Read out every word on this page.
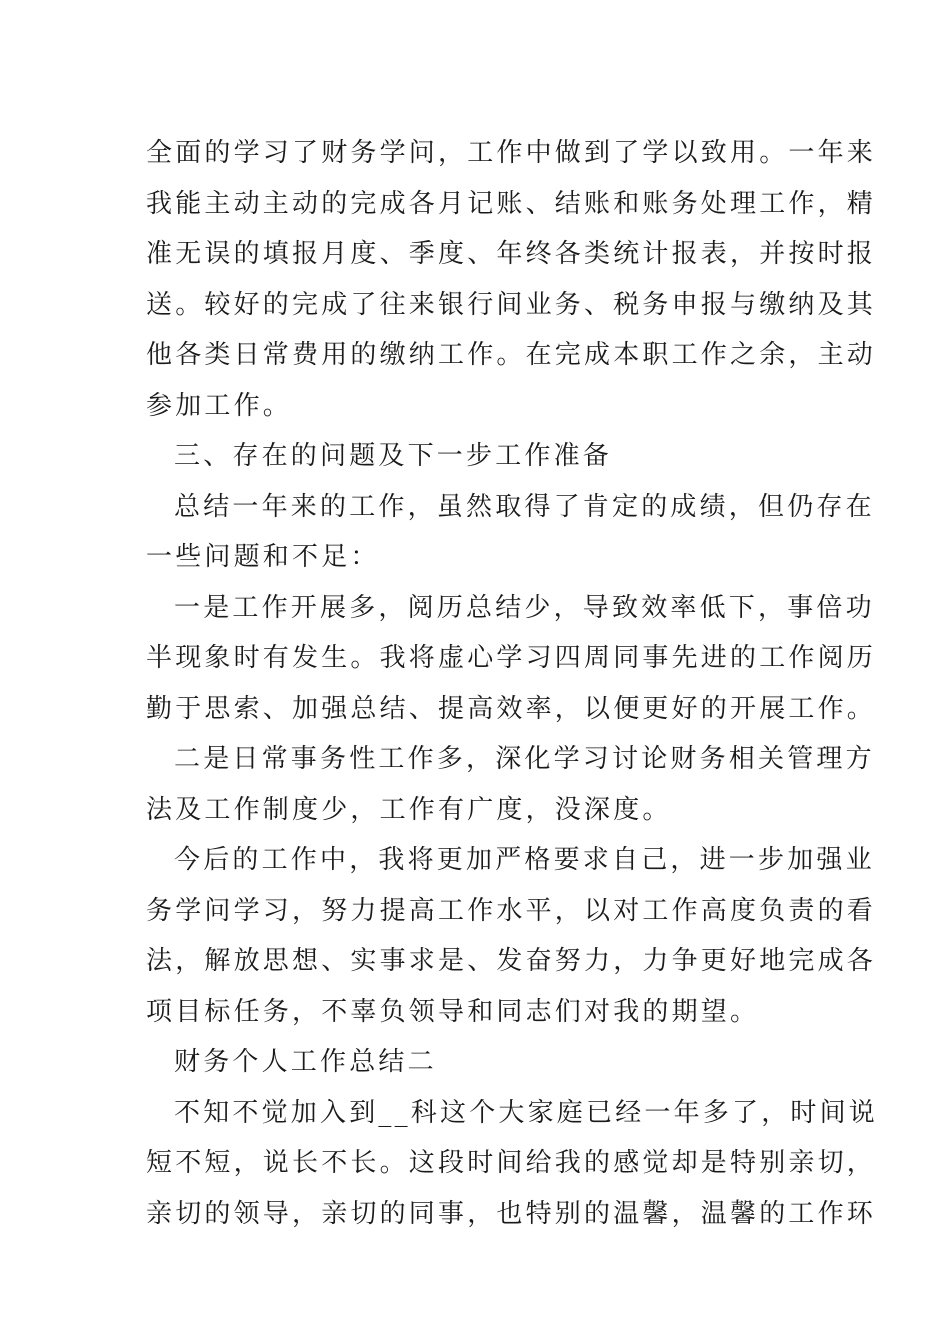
全面的学习了财务学问，工作中做到了学以致用。一年来
我能主动主动的完成各月记账、结账和账务处理工作，精
准无误的填报月度、季度、年终各类统计报表，并按时报
送。较好的完成了往来银行间业务、税务申报与缴纳及其
他各类日常费用的缴纳工作。在完成本职工作之余，主动
参加工作。
三、存在的问题及下一步工作准备
总结一年来的工作，虽然取得了肯定的成绩，但仍存在
一些问题和不足：
一是工作开展多，阅历总结少，导致效率低下，事倍功
半现象时有发生。我将虚心学习四周同事先进的工作阅历
勤于思索、加强总结、提高效率，以便更好的开展工作。
二是日常事务性工作多，深化学习讨论财务相关管理方
法及工作制度少，工作有广度，没深度。
今后的工作中，我将更加严格要求自己，进一步加强业
务学问学习，努力提高工作水平，以对工作高度负责的看
法，解放思想、实事求是、发奋努力，力争更好地完成各
项目标任务，不辜负领导和同志们对我的期望。
财务个人工作总结二
不知不觉加入到__科这个大家庭已经一年多了，时间说
短不短，说长不长。这段时间给我的感觉却是特别亲切，
亲切的领导，亲切的同事，也特别的温馨，温馨的工作环
